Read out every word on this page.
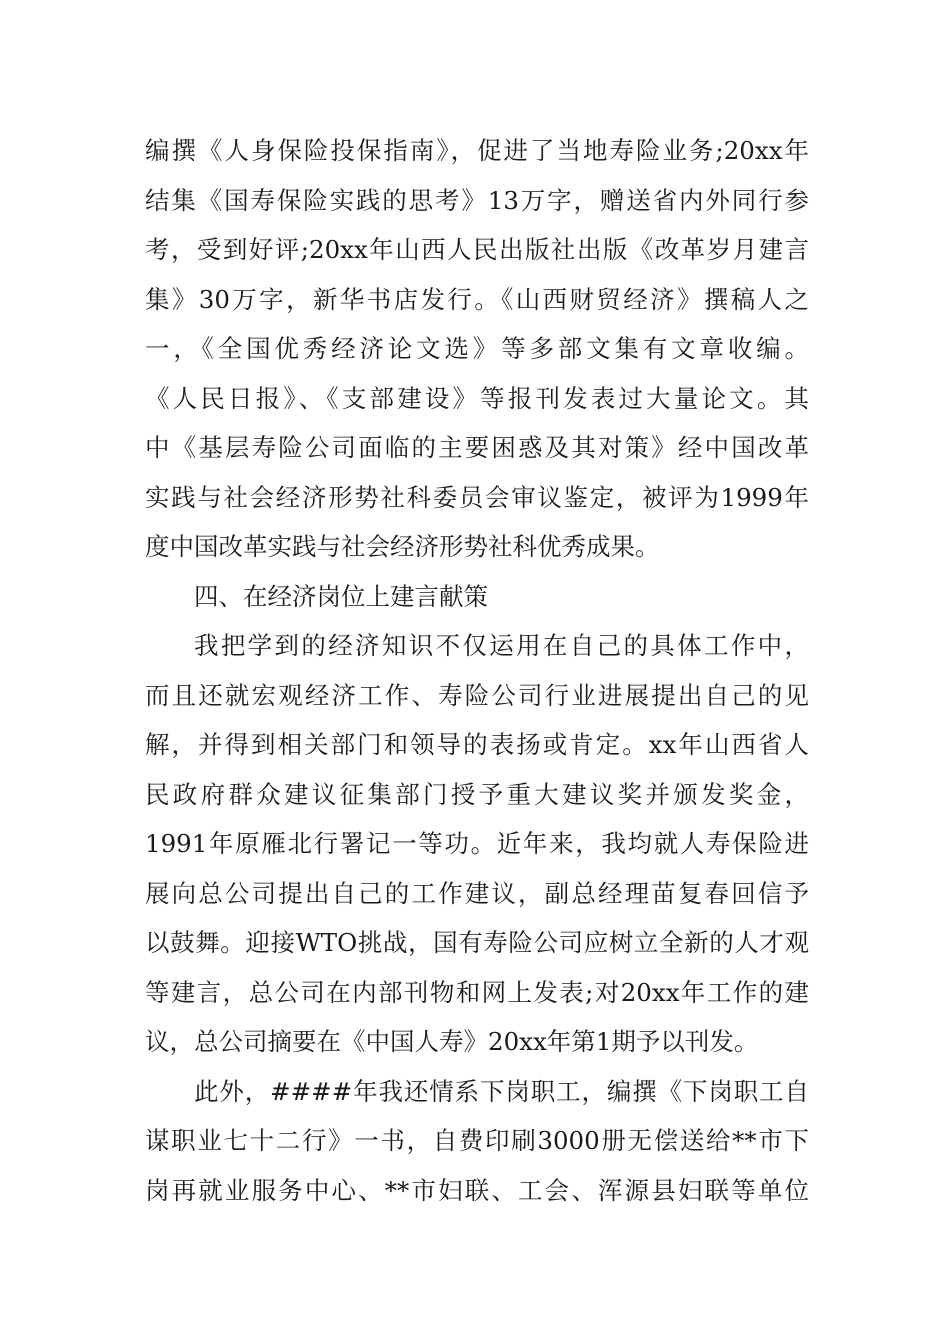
编撰《人身保险投保指南》，促进了当地寿险业务;20xx年
结集《国寿保险实践的思考》13万字，赠送省内外同行参
考，受到好评;20xx年山西人民出版社出版《改革岁月建言
集》30万字，新华书店发行。《山西财贸经济》撰稿人之
一，《全国优秀经济论文选》等多部文集有文章收编。
《人民日报》、《支部建设》等报刊发表过大量论文。其
中《基层寿险公司面临的主要困惑及其对策》经中国改革
实践与社会经济形势社科委员会审议鉴定，被评为1999年
度中国改革实践与社会经济形势社科优秀成果。
四、在经济岗位上建言献策
我把学到的经济知识不仅运用在自己的具体工作中，
而且还就宏观经济工作、寿险公司行业进展提出自己的见
解，并得到相关部门和领导的表扬或肯定。xx年山西省人
民政府群众建议征集部门授予重大建议奖并颁发奖金，
1991年原雁北行署记一等功。近年来，我均就人寿保险进
展向总公司提出自己的工作建议，副总经理苗复春回信予
以鼓舞。迎接WTO挑战，国有寿险公司应树立全新的人才观
等建言，总公司在内部刊物和网上发表;对20xx年工作的建
议，总公司摘要在《中国人寿》20xx年第1期予以刊发。
此外，####年我还情系下岗职工，编撰《下岗职工自
谋职业七十二行》一书，自费印刷3000册无偿送给**市下
岗再就业服务中心、**市妇联、工会、浑源县妇联等单位
